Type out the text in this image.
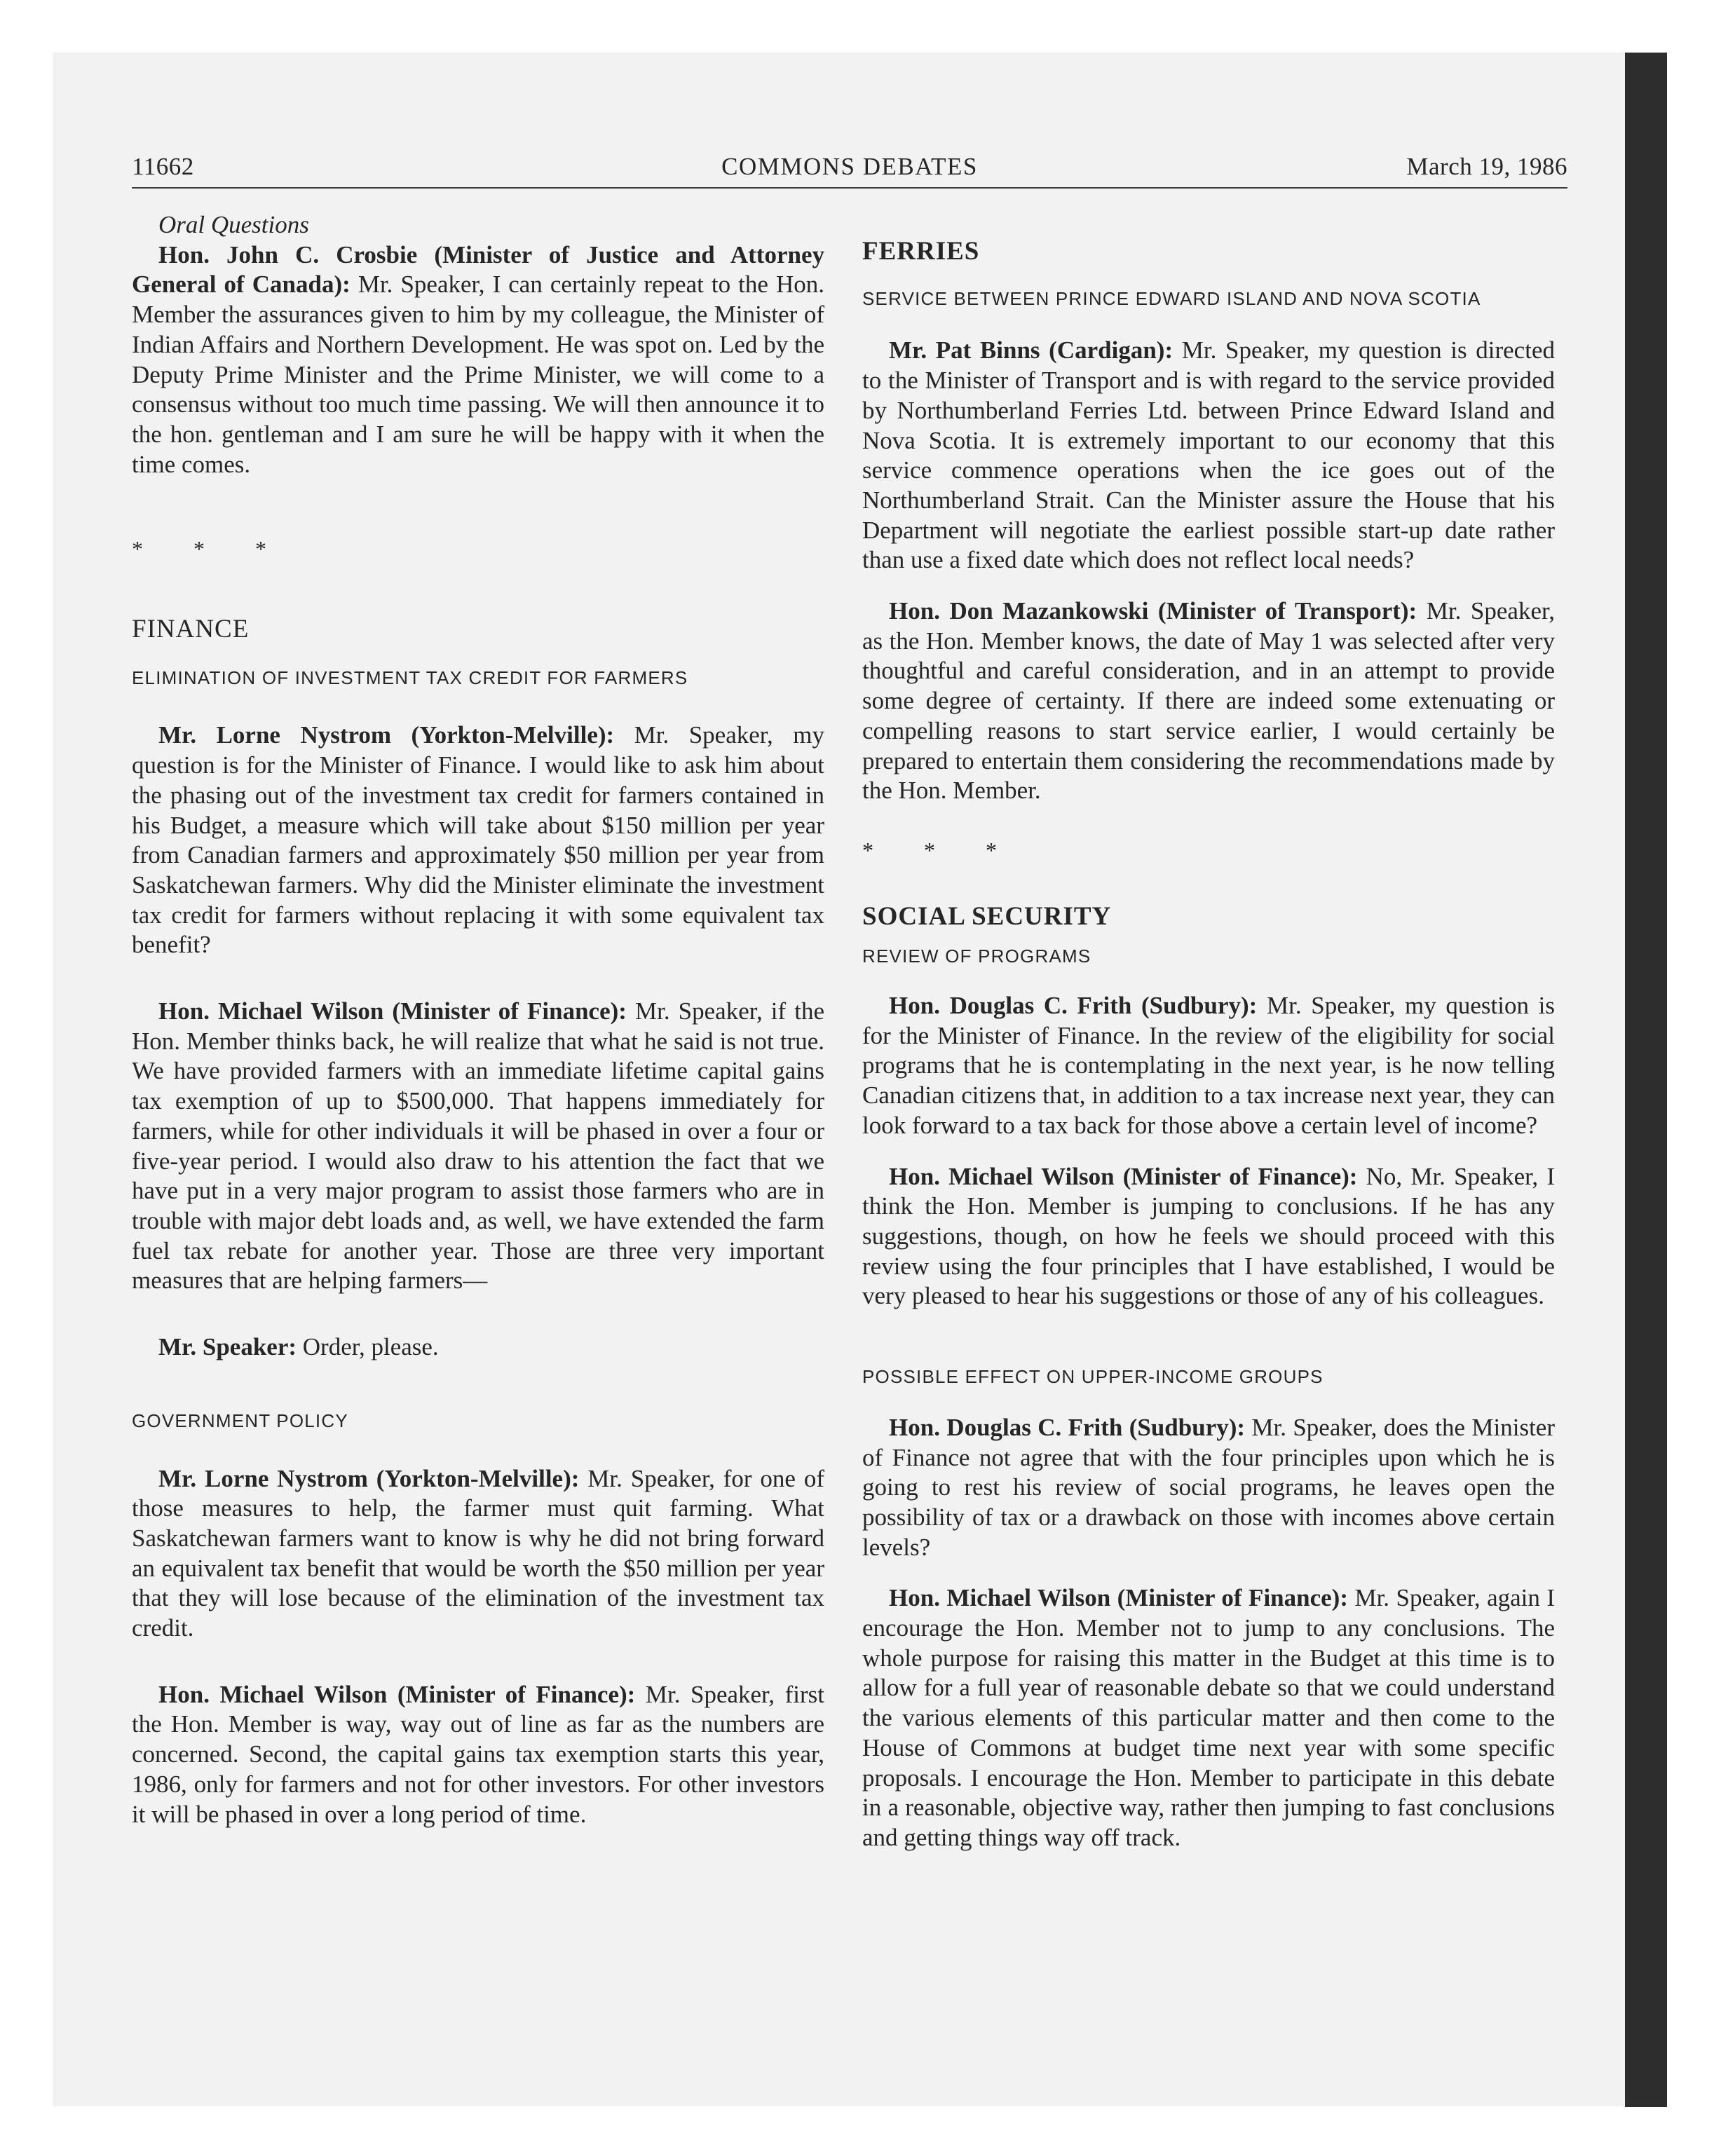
11662	COMMONS DEBATES	March 19, 1986

Oral Questions

Hon. John C. Crosbie (Minister of Justice and Attorney General of Canada): Mr. Speaker, I can certainly repeat to the Hon. Member the assurances given to him by my colleague, the Minister of Indian Affairs and Northern Development. He was spot on. Led by the Deputy Prime Minister and the Prime Minister, we will come to a consensus without too much time passing. We will then announce it to the hon. gentleman and I am sure he will be happy with it when the time comes.

* * *

FINANCE

ELIMINATION OF INVESTMENT TAX CREDIT FOR FARMERS

Mr. Lorne Nystrom (Yorkton-Melville): Mr. Speaker, my question is for the Minister of Finance. I would like to ask him about the phasing out of the investment tax credit for farmers contained in his Budget, a measure which will take about $150 million per year from Canadian farmers and approximately $50 million per year from Saskatchewan farmers. Why did the Minister eliminate the investment tax credit for farmers without replacing it with some equivalent tax benefit?

Hon. Michael Wilson (Minister of Finance): Mr. Speaker, if the Hon. Member thinks back, he will realize that what he said is not true. We have provided farmers with an immediate lifetime capital gains tax exemption of up to $500,000. That happens immediately for farmers, while for other individuals it will be phased in over a four or five-year period. I would also draw to his attention the fact that we have put in a very major program to assist those farmers who are in trouble with major debt loads and, as well, we have extended the farm fuel tax rebate for another year. Those are three very important measures that are helping farmers—

Mr. Speaker: Order, please.

GOVERNMENT POLICY

Mr. Lorne Nystrom (Yorkton-Melville): Mr. Speaker, for one of those measures to help, the farmer must quit farming. What Saskatchewan farmers want to know is why he did not bring forward an equivalent tax benefit that would be worth the $50 million per year that they will lose because of the elimination of the investment tax credit.

Hon. Michael Wilson (Minister of Finance): Mr. Speaker, first the Hon. Member is way, way out of line as far as the numbers are concerned. Second, the capital gains tax exemption starts this year, 1986, only for farmers and not for other investors. For other investors it will be phased in over a long period of time.

FERRIES

SERVICE BETWEEN PRINCE EDWARD ISLAND AND NOVA SCOTIA

Mr. Pat Binns (Cardigan): Mr. Speaker, my question is directed to the Minister of Transport and is with regard to the service provided by Northumberland Ferries Ltd. between Prince Edward Island and Nova Scotia. It is extremely important to our economy that this service commence operations when the ice goes out of the Northumberland Strait. Can the Minister assure the House that his Department will negotiate the earliest possible start-up date rather than use a fixed date which does not reflect local needs?

Hon. Don Mazankowski (Minister of Transport): Mr. Speaker, as the Hon. Member knows, the date of May 1 was selected after very thoughtful and careful consideration, and in an attempt to provide some degree of certainty. If there are indeed some extenuating or compelling reasons to start service earlier, I would certainly be prepared to entertain them considering the recommendations made by the Hon. Member.

* * *

SOCIAL SECURITY

REVIEW OF PROGRAMS

Hon. Douglas C. Frith (Sudbury): Mr. Speaker, my question is for the Minister of Finance. In the review of the eligibility for social programs that he is contemplating in the next year, is he now telling Canadian citizens that, in addition to a tax increase next year, they can look forward to a tax back for those above a certain level of income?

Hon. Michael Wilson (Minister of Finance): No, Mr. Speaker, I think the Hon. Member is jumping to conclusions. If he has any suggestions, though, on how he feels we should proceed with this review using the four principles that I have established, I would be very pleased to hear his suggestions or those of any of his colleagues.

POSSIBLE EFFECT ON UPPER-INCOME GROUPS

Hon. Douglas C. Frith (Sudbury): Mr. Speaker, does the Minister of Finance not agree that with the four principles upon which he is going to rest his review of social programs, he leaves open the possibility of tax or a drawback on those with incomes above certain levels?

Hon. Michael Wilson (Minister of Finance): Mr. Speaker, again I encourage the Hon. Member not to jump to any conclusions. The whole purpose for raising this matter in the Budget at this time is to allow for a full year of reasonable debate so that we could understand the various elements of this particular matter and then come to the House of Commons at budget time next year with some specific proposals. I encourage the Hon. Member to participate in this debate in a reasonable, objective way, rather then jumping to fast conclusions and getting things way off track.
